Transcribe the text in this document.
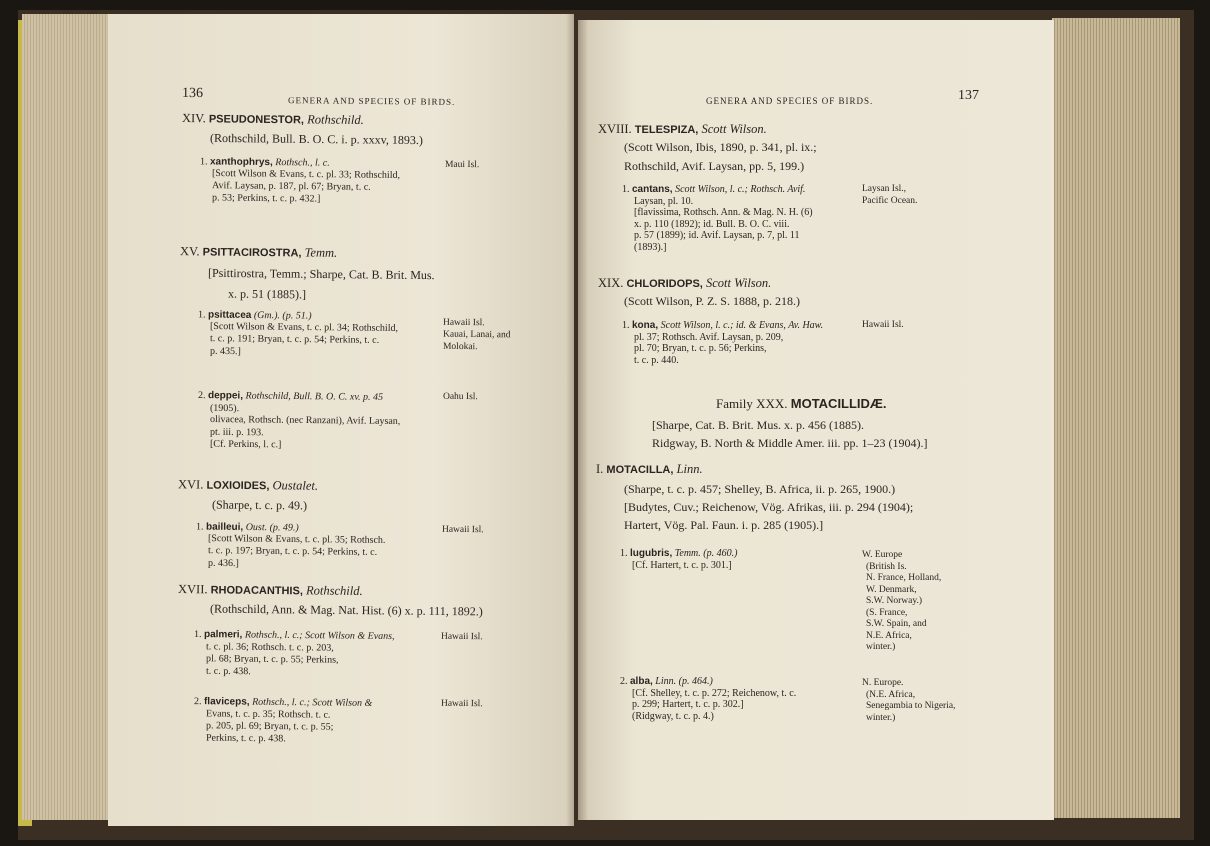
136	GENERA AND SPECIES OF BIRDS.
XIV. PSEUDONESTOR, Rothschild.
(Rothschild, Bull. B. O. C. i. p. xxxv, 1893.)
1. xanthophrys, Rothsch., l. c.
[Scott Wilson & Evans, t. c. pl. 33; Rothschild,
Avif. Laysan, p. 187, pl. 67; Bryan, t. c.
p. 53; Perkins, t. c. p. 432.]
Maui Isl.
XV. PSITTACIROSTRA, Temm.
[Psittirostra, Temm.; Sharpe, Cat. B. Brit. Mus.
x. p. 51 (1885).]
1. psittacea (Gm.). (p. 51.)
[Scott Wilson & Evans, t. c. pl. 34; Rothschild,
t. c. p. 191; Bryan, t. c. p. 54; Perkins, t. c.
p. 435.]
Hawaii Isl.
Kauai, Lanai, and
Molokai.
2. deppei, Rothschild, Bull. B. O. C. xv. p. 45
(1905).
olivacea, Rothsch. (nec Ranzani), Avif. Laysan,
pt. iii. p. 193.
[Cf. Perkins, l. c.]
Oahu Isl.
XVI. LOXIOIDES, Oustalet.
(Sharpe, t. c. p. 49.)
1. bailleui, Oust. (p. 49.)
[Scott Wilson & Evans, t. c. pl. 35; Rothsch.
t. c. p. 197; Bryan, t. c. p. 54; Perkins, t. c.
p. 436.]
Hawaii Isl.
XVII. RHODACANTHIS, Rothschild.
(Rothschild, Ann. & Mag. Nat. Hist. (6) x. p. 111, 1892.)
1. palmeri, Rothsch., l. c.; Scott Wilson & Evans,
t. c. pl. 36; Rothsch. t. c. p. 203,
pl. 68; Bryan, t. c. p. 55; Perkins,
t. c. p. 438.
Hawaii Isl.
2. flaviceps, Rothsch., l. c.; Scott Wilson &
Evans, t. c. p. 35; Rothsch. t. c.
p. 205, pl. 69; Bryan, t. c. p. 55;
Perkins, t. c. p. 438.
Hawaii Isl.
GENERA AND SPECIES OF BIRDS.	137
XVIII. TELESPIZA, Scott Wilson.
(Scott Wilson, Ibis, 1890, p. 341, pl. ix.;
Rothschild, Avif. Laysan, pp. 5, 199.)
1. cantans, Scott Wilson, l. c.; Rothsch. Avif.
Laysan, pl. 10.
[flavissima, Rothsch. Ann. & Mag. N. H. (6)
x. p. 110 (1892); id. Bull. B. O. C. viii.
p. 57 (1899); id. Avif. Laysan, p. 7, pl. 11
(1893).]
Laysan Isl.,
Pacific Ocean.
XIX. CHLORIDOPS, Scott Wilson.
(Scott Wilson, P. Z. S. 1888, p. 218.)
1. kona, Scott Wilson, l. c.; id. & Evans, Av. Haw.
pl. 37; Rothsch. Avif. Laysan, p. 209,
pl. 70; Bryan, t. c. p. 56; Perkins,
t. c. p. 440.
Hawaii Isl.
Family XXX. MOTACILLIDÆ.
[Sharpe, Cat. B. Brit. Mus. x. p. 456 (1885).
Ridgway, B. North & Middle Amer. iii. pp. 1–23 (1904).]
I. MOTACILLA, Linn.
(Sharpe, t. c. p. 457; Shelley, B. Africa, ii. p. 265, 1900.)
[Budytes, Cuv.; Reichenow, Vög. Afrikas, iii. p. 294 (1904);
Hartert, Vög. Pal. Faun. i. p. 285 (1905).]
1. lugubris, Temm. (p. 460.)
[Cf. Hartert, t. c. p. 301.]
W. Europe
(British Is.
N. France, Holland,
W. Denmark,
S.W. Norway.)
(S. France,
S.W. Spain, and
N.E. Africa,
winter.)
2. alba, Linn. (p. 464.)
[Cf. Shelley, t. c. p. 272; Reichenow, t. c.
p. 299; Hartert, t. c. p. 302.]
(Ridgway, t. c. p. 4.)
N. Europe.
(N.E. Africa,
Senegambia to Nigeria,
winter.)
